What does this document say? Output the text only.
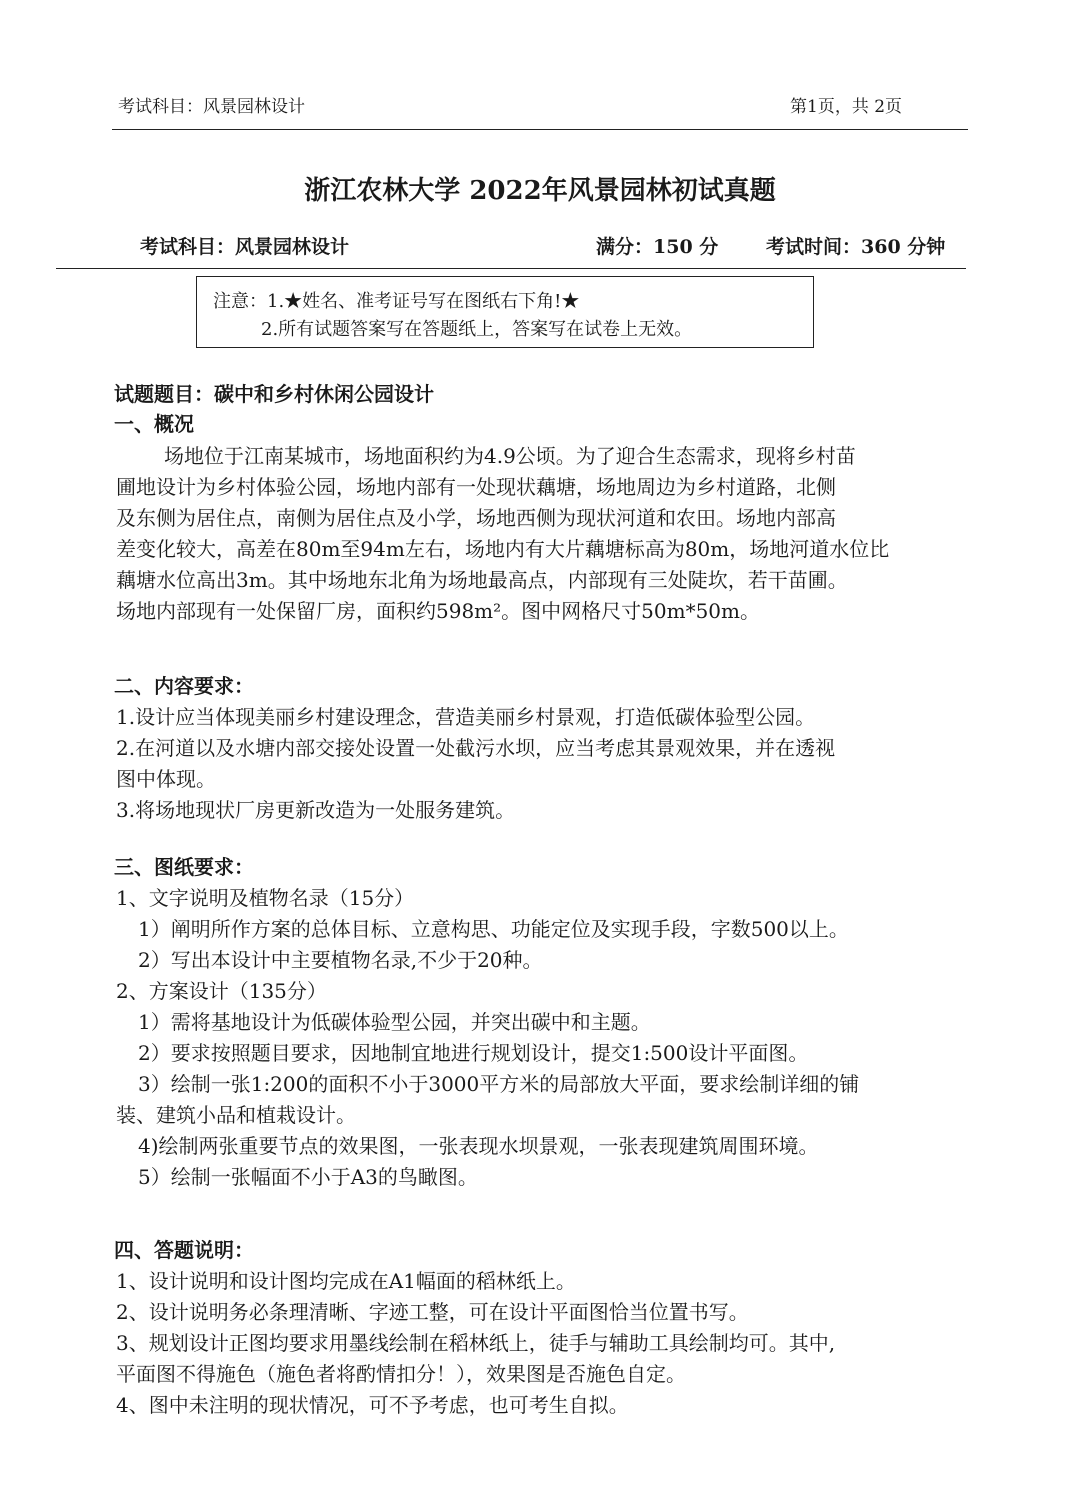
考试科目：风景园林设计	第1页，共 2页
浙江农林大学 2022年风景园林初试真题
考试科目：风景园林设计	满分：150 分	考试时间：360 分钟
注意：1.★姓名、准考证号写在图纸右下角!★
2.所有试题答案写在答题纸上，答案写在试卷上无效。
试题题目：碳中和乡村休闲公园设计
一、概况
场地位于江南某城市，场地面积约为4.9公顷。为了迎合生态需求，现将乡村苗
圃地设计为乡村体验公园，场地内部有一处现状藕塘，场地周边为乡村道路，北侧
及东侧为居住点，南侧为居住点及小学，场地西侧为现状河道和农田。场地内部高
差变化较大，高差在80m至94m左右，场地内有大片藕塘标高为80m，场地河道水位比
藕塘水位高出3m。其中场地东北角为场地最高点，内部现有三处陡坎，若干苗圃。
场地内部现有一处保留厂房，面积约598m²。图中网格尺寸50m*50m。
二、内容要求：
1.设计应当体现美丽乡村建设理念，营造美丽乡村景观，打造低碳体验型公园。
2.在河道以及水塘内部交接处设置一处截污水坝，应当考虑其景观效果，并在透视
图中体现。
3.将场地现状厂房更新改造为一处服务建筑。
三、图纸要求：
1、文字说明及植物名录（15分）
1）阐明所作方案的总体目标、立意构思、功能定位及实现手段，字数500以上。
2）写出本设计中主要植物名录,不少于20种。
2、方案设计（135分）
1）需将基地设计为低碳体验型公园，并突出碳中和主题。
2）要求按照题目要求，因地制宜地进行规划设计，提交1:500设计平面图。
3）绘制一张1:200的面积不小于3000平方米的局部放大平面，要求绘制详细的铺
装、建筑小品和植栽设计。
4)绘制两张重要节点的效果图，一张表现水坝景观，一张表现建筑周围环境。
5）绘制一张幅面不小于A3的鸟瞰图。
四、答题说明：
1、设计说明和设计图均完成在A1幅面的稻林纸上。
2、设计说明务必条理清晰、字迹工整，可在设计平面图恰当位置书写。
3、规划设计正图均要求用墨线绘制在稻林纸上，徒手与辅助工具绘制均可。其中,
平面图不得施色（施色者将酌情扣分！），效果图是否施色自定。
4、图中未注明的现状情况，可不予考虑，也可考生自拟。
